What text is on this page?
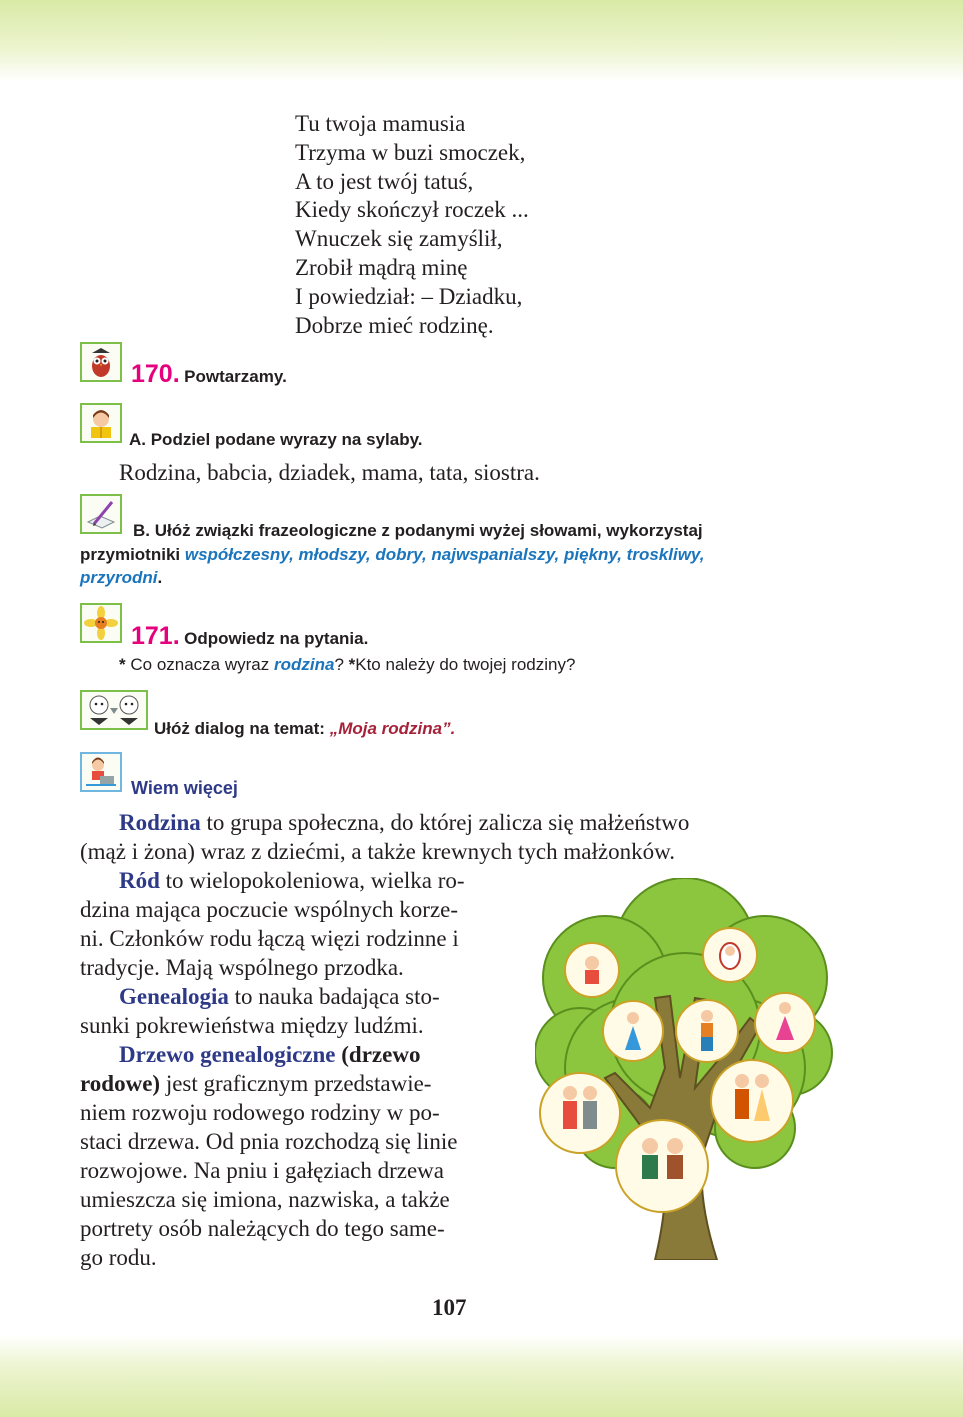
Tu twoja mamusia
Trzyma w buzi smoczek,
A to jest twój tatuś,
Kiedy skończył roczek ...
Wnuczek się zamyślił,
Zrobił mądrą minę
I powiedział: – Dziadku,
Dobrze mieć rodzinę.
170. Powtarzamy.
A. Podziel podane wyrazy na sylaby.
Rodzina, babcia, dziadek, mama, tata, siostra.
B. Ułóż związki frazeologiczne z podanymi wyżej słowami, wykorzystaj
przymiotniki współczesny, młodszy, dobry, najwspanialszy, piękny, troskliwy,
przyrodni.
171. Odpowiedz na pytania.
* Co oznacza wyraz rodzina? *Kto należy do twojej rodziny?
Ułóż dialog na temat: „Moja rodzina”.
Wiem więcej
Rodzina to grupa społeczna, do której zalicza się małżeństwo
(mąż i żona) wraz z dziećmi, a także krewnych tych małżonków.
Ród to wielopokoleniowa, wielka ro-
dzina mająca poczucie wspólnych korze-
ni. Członków rodu łączą więzi rodzinne i
tradycje. Mają wspólnego przodka.
Genealogia to nauka badająca sto-
sunki pokrewieństwa między ludźmi.
Drzewo genealogiczne (drzewo
rodowe) jest graficznym przedstawie-
niem rozwoju rodowego rodziny w po-
staci drzewa. Od pnia rozchodzą się linie
rozwojowe. Na pniu i gałęziach drzewa
umieszcza się imiona, nazwiska, a także
portrety osób należących do tego same-
go rodu.
107
